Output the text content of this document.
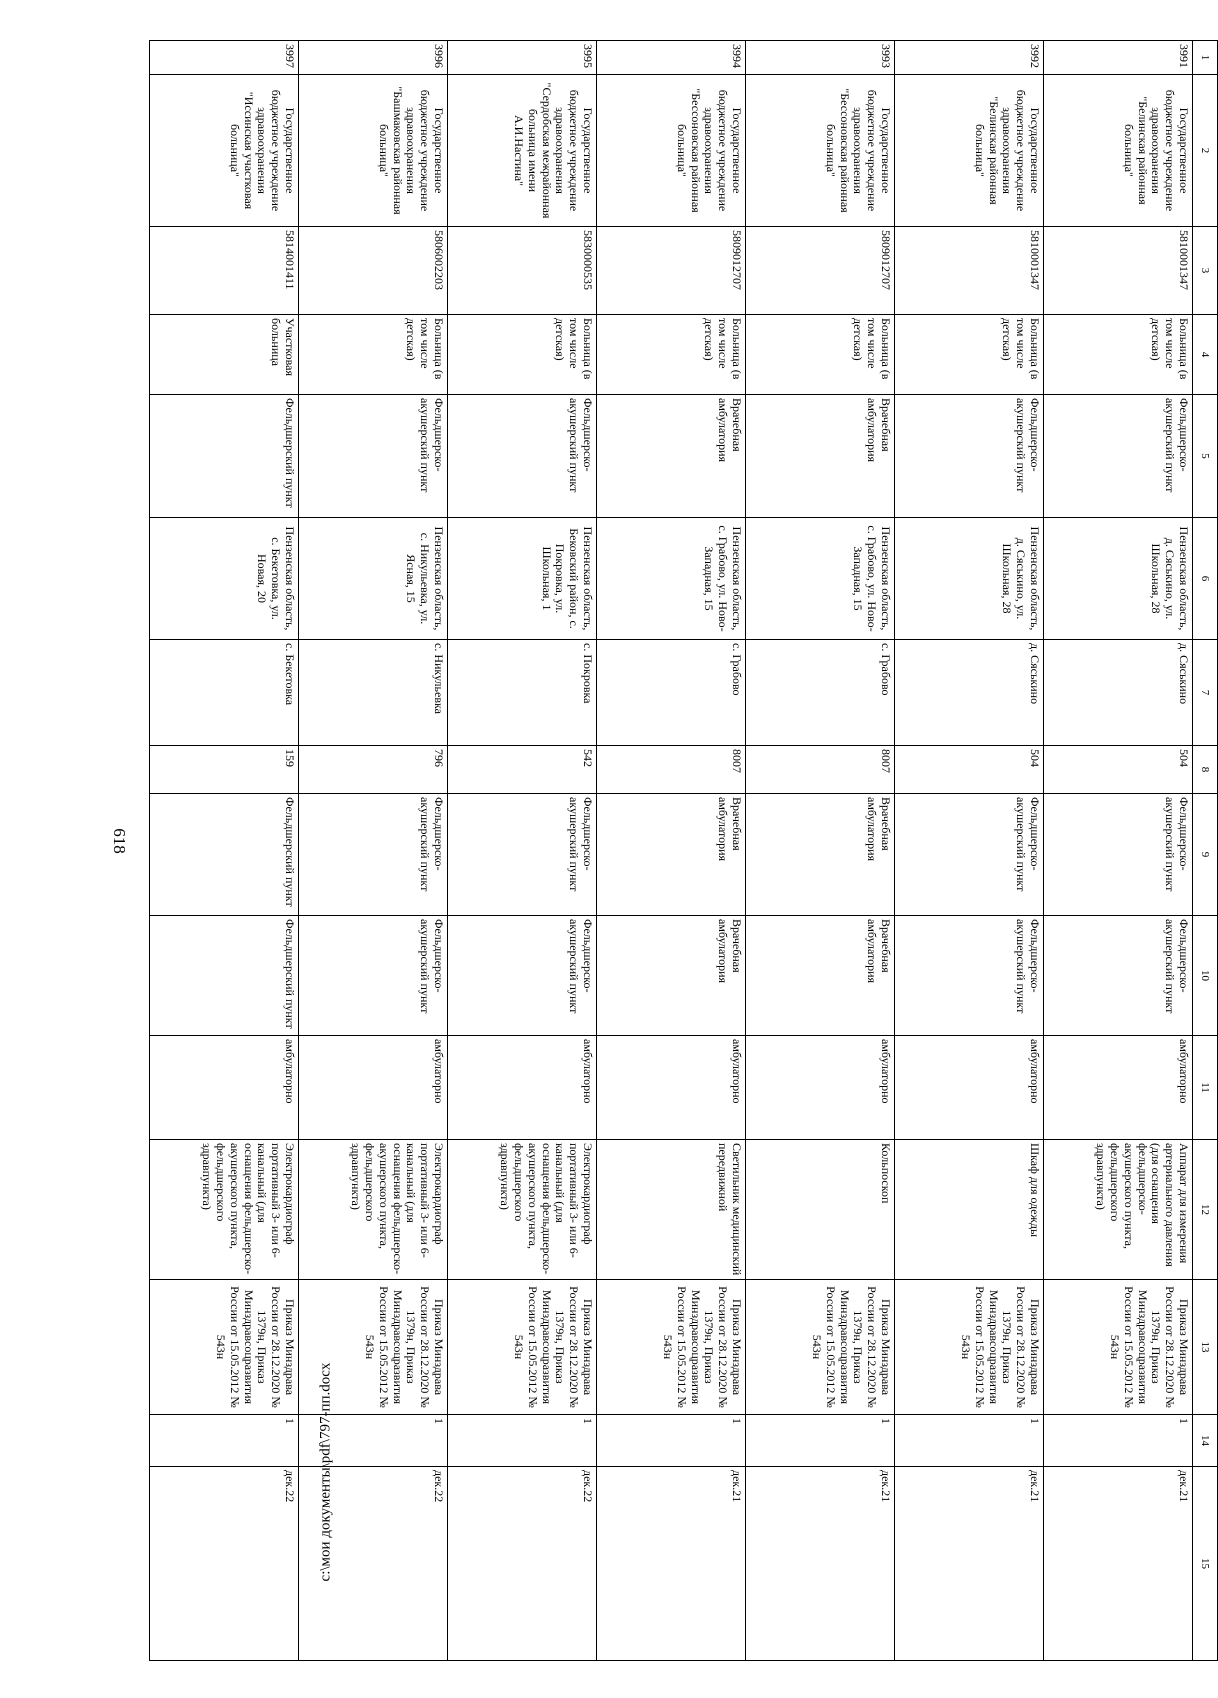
618
1	2	3	4	5	6	7	8	9	10	11	12	13	14	15
3991	Государственное бюджетное учреждение здравоохранения "Белинская районная больница"	5810001347	Больница (в том числе детская)	Фельдшерско-акушерский пункт	Пензенская область, д. Сяськино, ул. Школьная, 28	д. Сяськино	504	Фельдшерско-акушерский пункт	Фельдшерско-акушерский пункт	амбулаторно	Аппарат для измерения артериального давления (для оснащения фельдшерско-акушерского пункта, фельдшерского здравпункта)	Приказ Минздрава России от 28.12.2020 № 1379н, Приказ Минздравсоцразвития России от 15.05.2012 № 543н	1	дек.21
3992	Государственное бюджетное учреждение здравоохранения "Белинская районная больница"	5810001347	Больница (в том числе детская)	Фельдшерско-акушерский пункт	Пензенская область, д. Сяськино, ул. Школьная, 28	д. Сяськино	504	Фельдшерско-акушерский пункт	Фельдшерско-акушерский пункт	амбулаторно	Шкаф для одежды	Приказ Минздрава России от 28.12.2020 № 1379н, Приказ Минздравсоцразвития России от 15.05.2012 № 543н	1	дек.21
3993	Государственное бюджетное учреждение здравоохранения "Бессоновская районная больница"	5809012707	Больница (в том числе детская)	Врачебная амбулатория	Пензенская область, с. Грабово, ул. Ново-Западная, 15	с. Грабово	8007	Врачебная амбулатория	Врачебная амбулатория	амбулаторно	Кольпоскоп	Приказ Минздрава России от 28.12.2020 № 1379н, Приказ Минздравсоцразвития России от 15.05.2012 № 543н	1	дек.21
3994	Государственное бюджетное учреждение здравоохранения "Бессоновская районная больница"	5809012707	Больница (в том числе детская)	Врачебная амбулатория	Пензенская область, с. Грабово, ул. Ново-Западная, 15	с. Грабово	8007	Врачебная амбулатория	Врачебная амбулатория	амбулаторно	Светильник медицинский передвижной	Приказ Минздрава России от 28.12.2020 № 1379н, Приказ Минздравсоцразвития России от 15.05.2012 № 543н	1	дек.21
3995	Государственное бюджетное учреждение здравоохранения "Сердобская межрайонная больница имени А.И.Настина"	5830000535	Больница (в том числе детская)	Фельдшерско-акушерский пункт	Пензенская область, Бековский район, с. Покровка, ул. Школьная, 1	с. Покровка	542	Фельдшерско-акушерский пункт	Фельдшерско-акушерский пункт	амбулаторно	Электрокардиограф портативный 3- или 6-канальный (для оснащения фельдшерско-акушерского пункта, фельдшерского здравпункта)	Приказ Минздрава России от 28.12.2020 № 1379н, Приказ Минздравсоцразвития России от 15.05.2012 № 543н	1	дек.22
3996	Государственное бюджетное учреждение здравоохранения "Башмаковская районная больница"	5806002203	Больница (в том числе детская)	Фельдшерско-акушерский пункт	Пензенская область, с. Никульевка, ул. Ясная, 15	с. Никульевка	796	Фельдшерско-акушерский пункт	Фельдшерско-акушерский пункт	амбулаторно	Электрокардиограф портативный 3- или 6-канальный (для оснащения фельдшерско-акушерского пункта, фельдшерского здравпункта)	Приказ Минздрава России от 28.12.2020 № 1379н, Приказ Минздравсоцразвития России от 15.05.2012 № 543н	1	дек.22
3997	Государственное бюджетное учреждение здравоохранения "Иссинская участковая больница"	5814001411	Участковая больница	Фельдшерский пункт	Пензенская область, с. Бекетовка, ул. Новая, 20	с. Бекетовка	159	Фельдшерский пункт	Фельдшерский пункт	амбулаторно	Электрокардиограф портативный 3- или 6-канальный (для оснащения фельдшерско-акушерского пункта, фельдшерского здравпункта)	Приказ Минздрава России от 28.12.2020 № 1379н, Приказ Минздравсоцразвития России от 15.05.2012 № 543н	1	дек.22 c:\мои документы\pdf\797-пп.docx
